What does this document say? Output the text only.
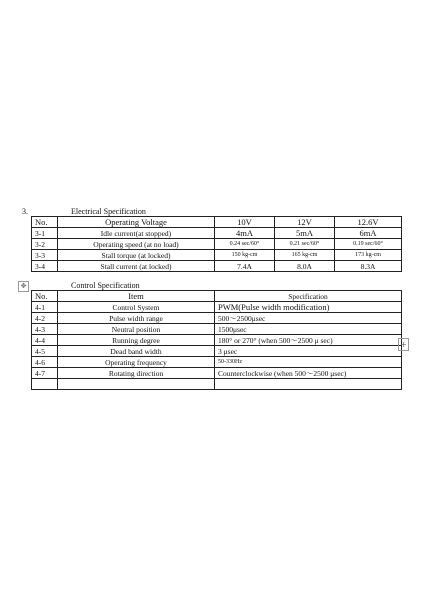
3.	Electrical Specification
No.	Operating Voltage	10V	12V	12.6V
3-1	Idle current(at stopped)	4mA	5mA	6mA
3-2	Operating speed (at no load)	0.24 sec/60°	0.21 sec/60°	0.19 sec/60°
3-3	Stall torque (at locked)	150 kg-cm	165 kg-cm	173 kg-cm
3-4	Stall current (at locked)	7.4A	8.0A	8.3A
✥	Control Specification
No.	Item	Specification
4-1	Control System	PWM(Pulse width modification)
4-2	Pulse width range	500～2500μsec
4-3	Neutral position	1500μsec
4-4	Running degree	180° or 270° (when 500～2500 μ sec)
4-5	Dead band width	3 μsec
4-6	Operating frequency	50-330Hz
4-7	Rotating direction	Counterclockwise (when 500～2500 μsec)

+
